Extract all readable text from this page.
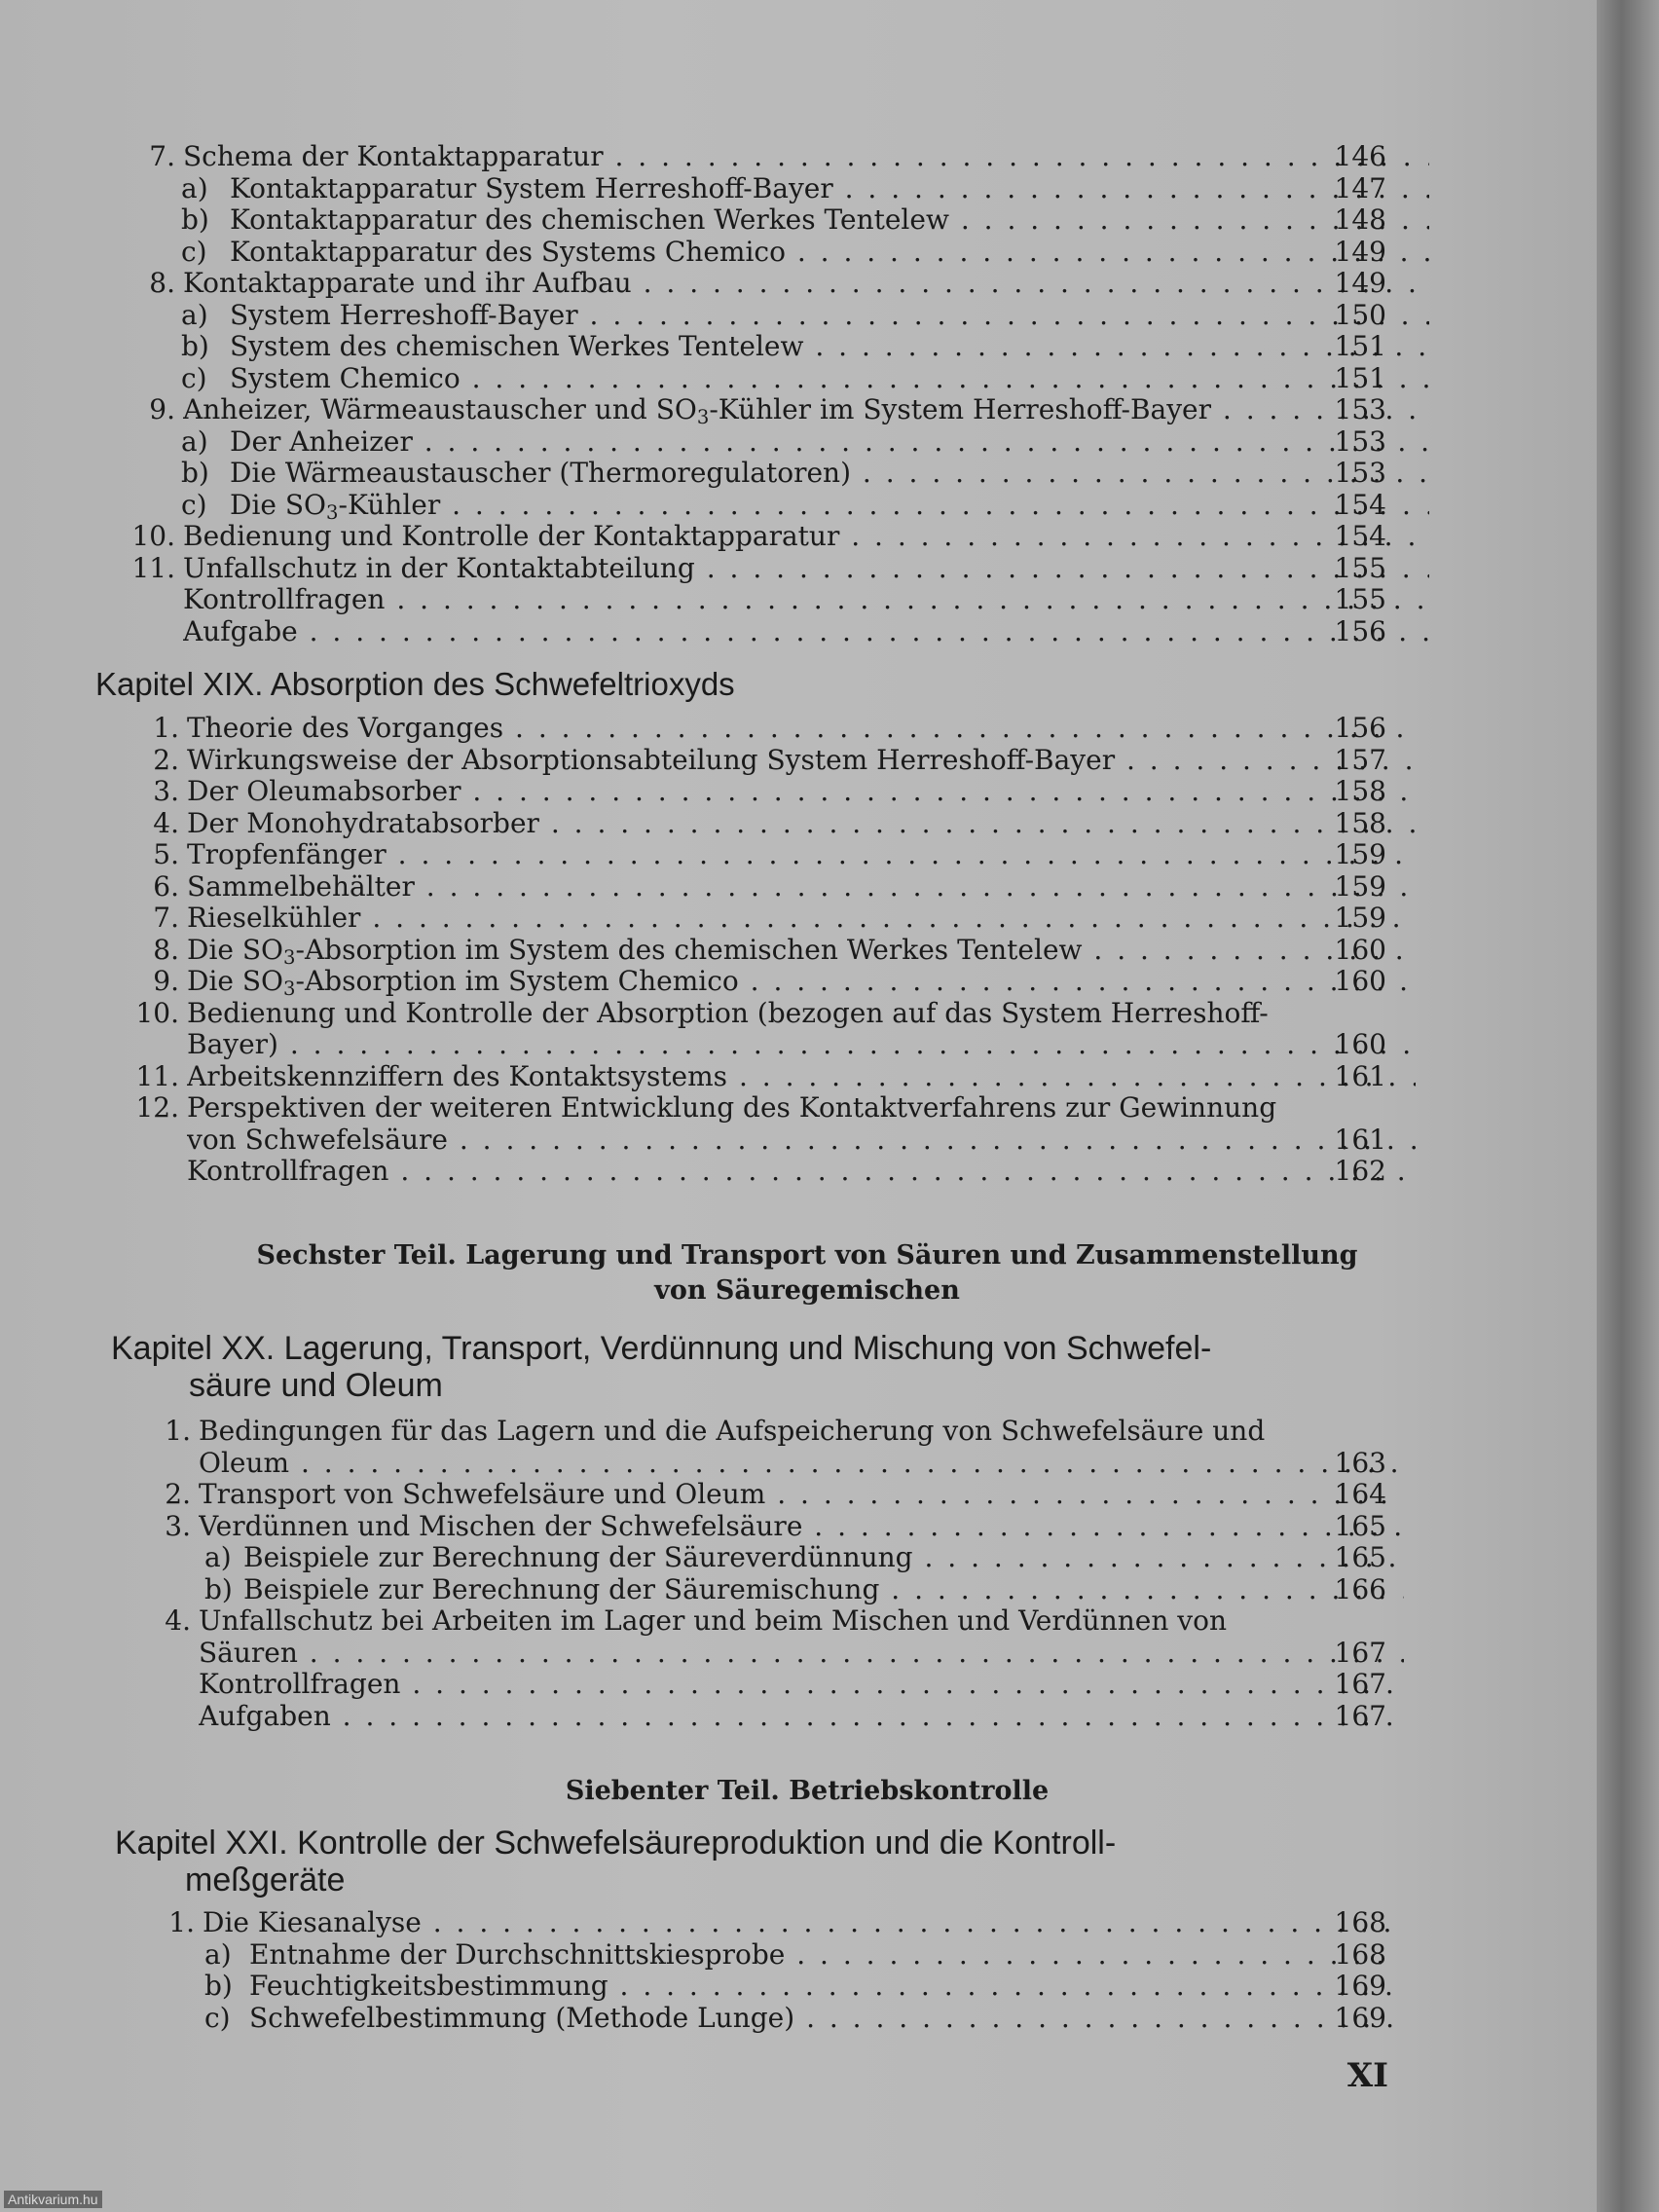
7. Schema der Kontaktapparatur . . .	146
a) Kontaktapparatur System Herreshoff-Bayer . . .	147
b) Kontaktapparatur des chemischen Werkes Tentelew . . .	148
c) Kontaktapparatur des Systems Chemico . . .	149
8. Kontaktapparate und ihr Aufbau . . .	149
a) System Herreshoff-Bayer . . .	150
b) System des chemischen Werkes Tentelew . . .	151
c) System Chemico . . .	151
9. Anheizer, Wärmeaustauscher und $SO_3$-Kühler im System Herreshoff-Bayer . . .	153
a) Der Anheizer . . .	153
b) Die Wärmeaustauscher (Thermoregulatoren) . . .	153
c) Die $SO_3$-Kühler . . .	154
10. Bedienung und Kontrolle der Kontaktapparatur . . .	154
11. Unfallschutz in der Kontaktabteilung . . .	155
Kontrollfragen . . .	155
Aufgabe . . .	156
Kapitel XIX. Absorption des Schwefeltrioxyds
1. Theorie des Vorganges . . .	156
2. Wirkungsweise der Absorptionsabteilung System Herreshoff-Bayer . . .	157
3. Der Oleumabsorber . . .	158
4. Der Monohydratabsorber . . .	158
5. Tropfenfänger . . .	159
6. Sammelbehälter . . .	159
7. Rieselkühler . . .	159
8. Die $SO_3$-Absorption im System des chemischen Werkes Tentelew . . .	160
9. Die $SO_3$-Absorption im System Chemico . . .	160
10. Bedienung und Kontrolle der Absorption (bezogen auf das System Herreshoff-
Bayer) . . .	160
11. Arbeitskennziffern des Kontaktsystems . . .	161
12. Perspektiven der weiteren Entwicklung des Kontaktverfahrens zur Gewinnung
von Schwefelsäure . . .	161
Kontrollfragen . . .	162
Sechster Teil. Lagerung und Transport von Säuren und Zusammenstellung
von Säuregemischen
Kapitel XX. Lagerung, Transport, Verdünnung und Mischung von Schwefel-
säure und Oleum
1. Bedingungen für das Lagern und die Aufspeicherung von Schwefelsäure und
Oleum . . .	163
2. Transport von Schwefelsäure und Oleum . . .	164
3. Verdünnen und Mischen der Schwefelsäure . . .	165
a) Beispiele zur Berechnung der Säureverdünnung . . .	165
b) Beispiele zur Berechnung der Säuremischung . . .	166
4. Unfallschutz bei Arbeiten im Lager und beim Mischen und Verdünnen von
Säuren . . .	167
Kontrollfragen . . .	167
Aufgaben . . .	167
Siebenter Teil. Betriebskontrolle
Kapitel XXI. Kontrolle der Schwefelsäureproduktion und die Kontroll-
meßgeräte
1. Die Kiesanalyse . . .	168
a) Entnahme der Durchschnittskiesprobe . . .	168
b) Feuchtigkeitsbestimmung . . .	169
c) Schwefelbestimmung (Methode Lunge) . . .	169
XI
Antikvarium.hu
